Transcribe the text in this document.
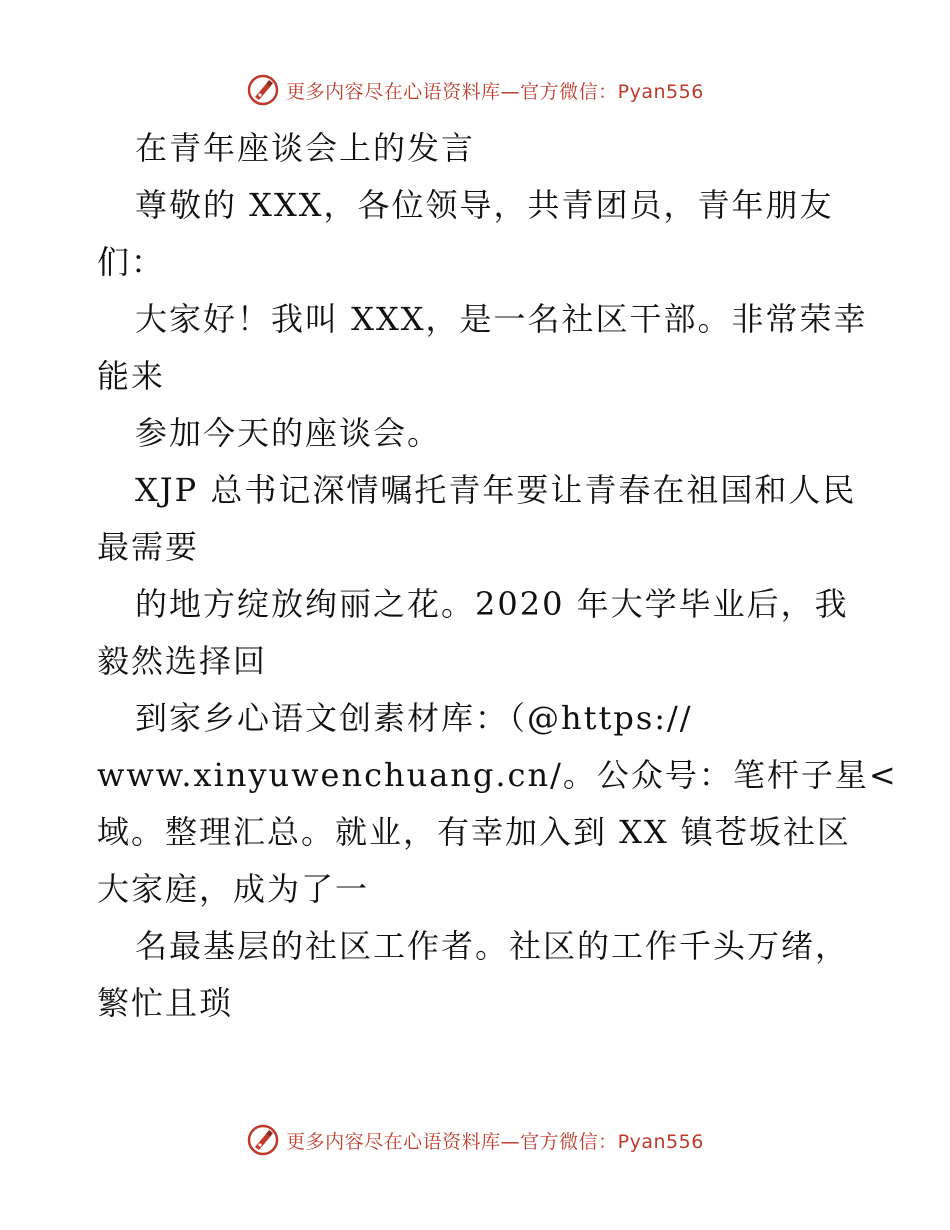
更多内容尽在心语资料库—官方微信：Pyan556
在青年座谈会上的发言
尊敬的 XXX，各位领导，共青团员，青年朋友
们：
大家好！我叫 XXX，是一名社区干部。非常荣幸
能来
参加今天的座谈会。
XJP 总书记深情嘱托青年要让青春在祖国和人民
最需要
的地方绽放绚丽之花。2020 年大学毕业后，我
毅然选择回
到家乡心语文创素材库：（@https://
www.xinyuwenchuang.cn/。公众号：笔杆子星<
域。整理汇总。就业，有幸加入到 XX 镇苍坂社区
大家庭，成为了一
名最基层的社区工作者。社区的工作千头万绪，
繁忙且琐
更多内容尽在心语资料库—官方微信：Pyan556
